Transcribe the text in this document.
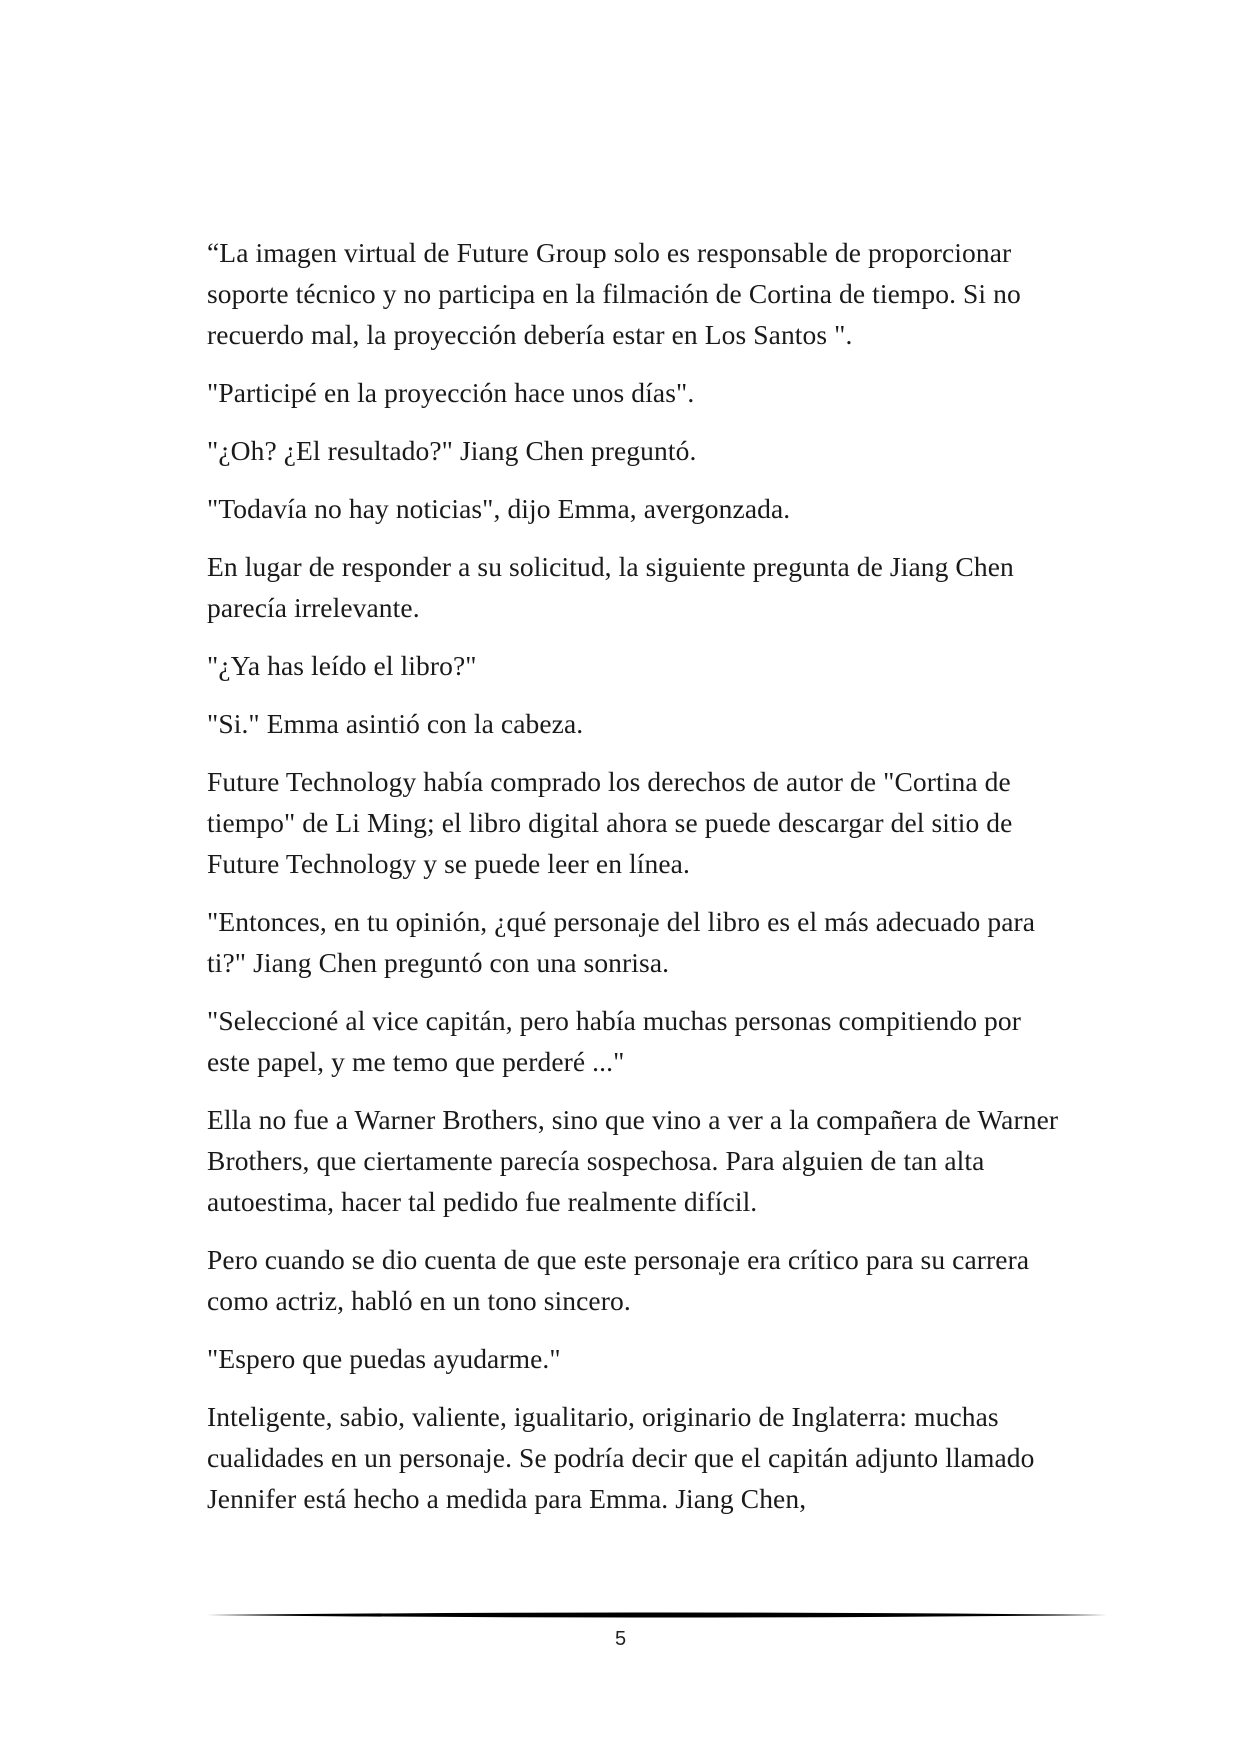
“La imagen virtual de Future Group solo es responsable de proporcionar soporte técnico y no participa en la filmación de Cortina de tiempo. Si no recuerdo mal, la proyección debería estar en Los Santos ".

"Participé en la proyección hace unos días".

"¿Oh? ¿El resultado?" Jiang Chen preguntó.

"Todavía no hay noticias", dijo Emma, avergonzada.

En lugar de responder a su solicitud, la siguiente pregunta de Jiang Chen parecía irrelevante.

"¿Ya has leído el libro?"

"Si." Emma asintió con la cabeza.

Future Technology había comprado los derechos de autor de "Cortina de tiempo" de Li Ming; el libro digital ahora se puede descargar del sitio de Future Technology y se puede leer en línea.

"Entonces, en tu opinión, ¿qué personaje del libro es el más adecuado para ti?" Jiang Chen preguntó con una sonrisa.

"Seleccioné al vice capitán, pero había muchas personas compitiendo por este papel, y me temo que perderé ..."

Ella no fue a Warner Brothers, sino que vino a ver a la compañera de Warner Brothers, que ciertamente parecía sospechosa. Para alguien de tan alta autoestima, hacer tal pedido fue realmente difícil.

Pero cuando se dio cuenta de que este personaje era crítico para su carrera como actriz, habló en un tono sincero.

"Espero que puedas ayudarme."

Inteligente, sabio, valiente, igualitario, originario de Inglaterra: muchas cualidades en un personaje. Se podría decir que el capitán adjunto llamado Jennifer está hecho a medida para Emma. Jiang Chen,

5
